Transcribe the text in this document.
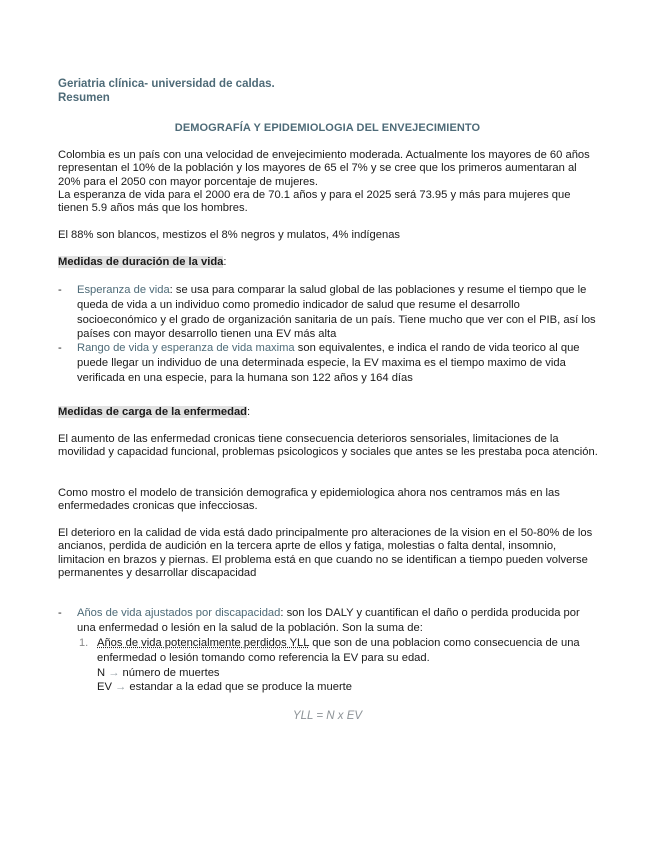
Geriatria clínica- universidad de caldas.
Resumen
DEMOGRAFÍA Y EPIDEMIOLOGIA DEL ENVEJECIMIENTO
Colombia es un país con una velocidad de envejecimiento moderada. Actualmente los mayores de 60 años representan el 10% de la población y los mayores de 65 el 7% y se cree que los primeros aumentaran al 20% para el 2050 con mayor porcentaje de mujeres.
La esperanza de vida para el 2000 era de 70.1 años y para el 2025 será 73.95 y más para mujeres que tienen 5.9 años más que los hombres.
El 88% son blancos, mestizos el 8% negros y mulatos, 4% indígenas
Medidas de duración de la vida:
- Esperanza de vida: se usa para comparar la salud global de las poblaciones y resume el tiempo que le queda de vida a un individuo como promedio indicador de salud que resume el desarrollo socioeconómico y el grado de organización sanitaria de un país. Tiene mucho que ver con el PIB, así los países con mayor desarrollo tienen una EV más alta
- Rango de vida y esperanza de vida maxima son equivalentes, e indica el rando de vida teorico al que puede llegar un individuo de una determinada especie, la EV maxima es el tiempo maximo de vida verificada en una especie, para la humana son 122 años y 164 días
Medidas de carga de la enfermedad:
El aumento de las enfermedad cronicas tiene consecuencia deterioros sensoriales, limitaciones de la movilidad y capacidad funcional, problemas psicologicos y sociales que antes se les prestaba poca atención.
Como mostro el modelo de transición demografica y epidemiologica ahora nos centramos más en las enfermedades cronicas que infecciosas.
El deterioro en la calidad de vida está dado principalmente pro alteraciones de la vision en el 50-80% de los ancianos, perdida de audición en la tercera aprte de ellos y fatiga, molestias o falta dental, insomnio, limitacion en brazos y piernas. El problema está en que cuando no se identifican a tiempo pueden volverse permanentes y desarrollar discapacidad
- Años de vida ajustados por discapacidad: son los DALY y cuantifican el daño o perdida producida por una enfermedad o lesión en la salud de la población. Son la suma de:
1. Años de vida potencialmente perdidos YLL que son de una poblacion como consecuencia de una enfermedad o lesión tomando como referencia la EV para su edad.
N → número de muertes
EV → estandar a la edad que se produce la muerte
YLL = N x EV
